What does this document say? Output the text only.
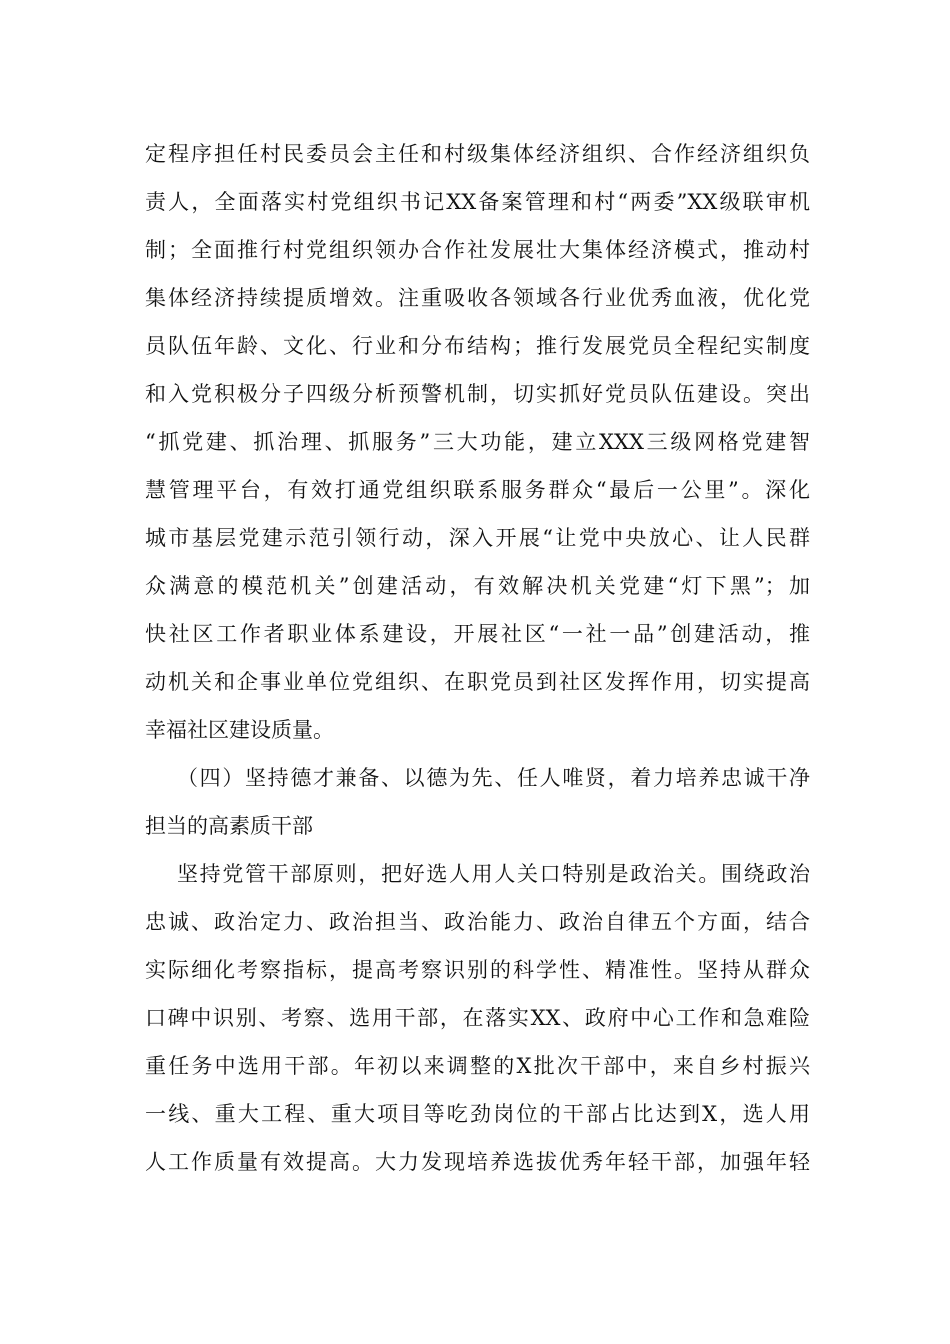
定程序担任村民委员会主任和村级集体经济组织、合作经济组织负
责人，全面落实村党组织书记XX备案管理和村“两委”XX级联审机
制；全面推行村党组织领办合作社发展壮大集体经济模式，推动村
集体经济持续提质增效。注重吸收各领域各行业优秀血液，优化党
员队伍年龄、文化、行业和分布结构；推行发展党员全程纪实制度
和入党积极分子四级分析预警机制，切实抓好党员队伍建设。突出
“抓党建、抓治理、抓服务”三大功能，建立XXX三级网格党建智
慧管理平台，有效打通党组织联系服务群众“最后一公里”。深化
城市基层党建示范引领行动，深入开展“让党中央放心、让人民群
众满意的模范机关”创建活动，有效解决机关党建“灯下黑”；加
快社区工作者职业体系建设，开展社区“一社一品”创建活动，推
动机关和企事业单位党组织、在职党员到社区发挥作用，切实提高
幸福社区建设质量。
（四）坚持德才兼备、以德为先、任人唯贤，着力培养忠诚干净
担当的高素质干部
坚持党管干部原则，把好选人用人关口特别是政治关。围绕政治
忠诚、政治定力、政治担当、政治能力、政治自律五个方面，结合
实际细化考察指标，提高考察识别的科学性、精准性。坚持从群众
口碑中识别、考察、选用干部，在落实XX、政府中心工作和急难险
重任务中选用干部。年初以来调整的X批次干部中，来自乡村振兴
一线、重大工程、重大项目等吃劲岗位的干部占比达到X，选人用
人工作质量有效提高。大力发现培养选拔优秀年轻干部，加强年轻
